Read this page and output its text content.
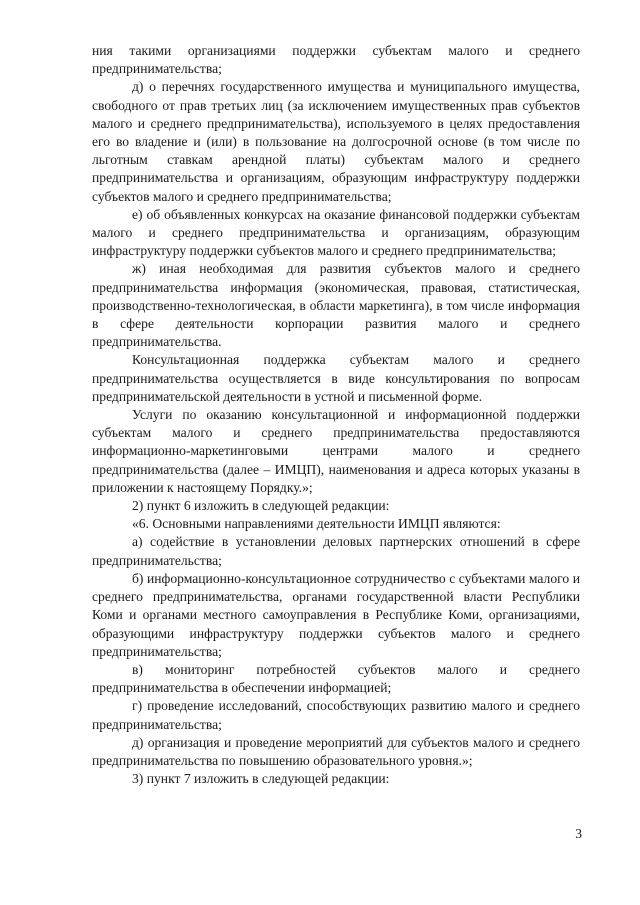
ния такими организациями поддержки субъектам малого и среднего предпринимательства;

д) о перечнях государственного имущества и муниципального имущества, свободного от прав третьих лиц (за исключением имущественных прав субъектов малого и среднего предпринимательства), используемого в целях предоставления его во владение и (или) в пользование на долгосрочной основе (в том числе по льготным ставкам арендной платы) субъектам малого и среднего предпринимательства и организациям, образующим инфраструктуру поддержки субъектов малого и среднего предпринимательства;

е) об объявленных конкурсах на оказание финансовой поддержки субъектам малого и среднего предпринимательства и организациям, образующим инфраструктуру поддержки субъектов малого и среднего предпринимательства;

ж) иная необходимая для развития субъектов малого и среднего предпринимательства информация (экономическая, правовая, статистическая, производственно-технологическая, в области маркетинга), в том числе информация в сфере деятельности корпорации развития малого и среднего предпринимательства.

Консультационная поддержка субъектам малого и среднего предпринимательства осуществляется в виде консультирования по вопросам предпринимательской деятельности в устной и письменной форме.

Услуги по оказанию консультационной и информационной поддержки субъектам малого и среднего предпринимательства предоставляются информационно-маркетинговыми центрами малого и среднего предпринимательства (далее – ИМЦП), наименования и адреса которых указаны в приложении к настоящему Порядку.»;

2) пункт 6 изложить в следующей редакции:

«6. Основными направлениями деятельности ИМЦП являются:

а) содействие в установлении деловых партнерских отношений в сфере предпринимательства;

б) информационно-консультационное сотрудничество с субъектами малого и среднего предпринимательства, органами государственной власти Республики Коми и органами местного самоуправления в Республике Коми, организациями, образующими инфраструктуру поддержки субъектов малого и среднего предпринимательства;

в) мониторинг потребностей субъектов малого и среднего предпринимательства в обеспечении информацией;

г) проведение исследований, способствующих развитию малого и среднего предпринимательства;

д) организация и проведение мероприятий для субъектов малого и среднего предпринимательства по повышению образовательного уровня.»;

3) пункт 7 изложить в следующей редакции:

3
